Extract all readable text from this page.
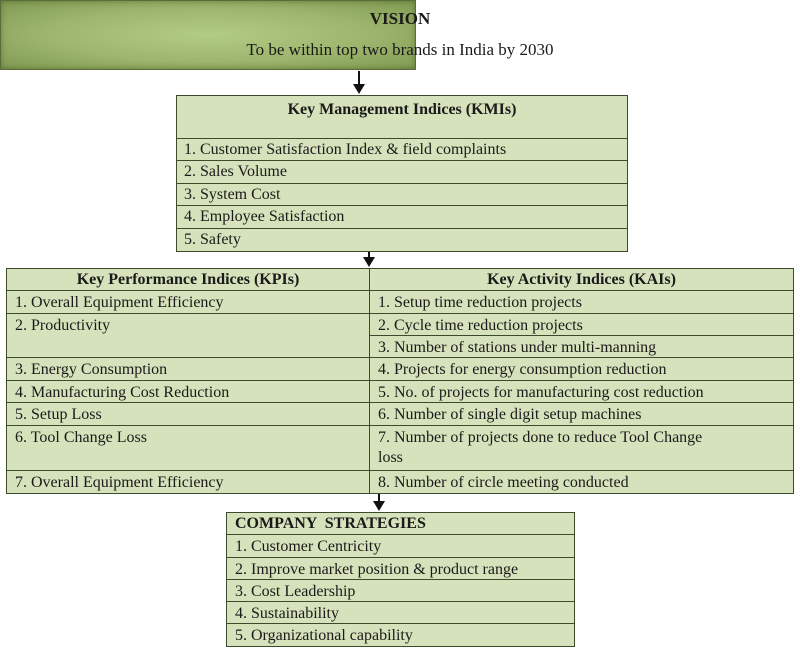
VISION
To be within top two brands in India by 2030
Key Management Indices (KMIs)
1. Customer Satisfaction Index & field complaints
2. Sales Volume
3. System Cost
4. Employee Satisfaction
5. Safety
Key Performance Indices (KPIs)
1. Overall Equipment Efficiency
2. Productivity
3. Energy Consumption
4. Manufacturing Cost Reduction
5. Setup Loss
6. Tool Change Loss
7. Overall Equipment Efficiency
Key Activity Indices (KAIs)
1. Setup time reduction projects
2. Cycle time reduction projects
3. Number of stations under multi-manning
4. Projects for energy consumption reduction
5. No. of projects for manufacturing cost reduction
6. Number of single digit setup machines
7. Number of projects done to reduce Tool Change
loss
8. Number of circle meeting conducted
COMPANY  STRATEGIES
1. Customer Centricity
2. Improve market position & product range
3. Cost Leadership
4. Sustainability
5. Organizational capability
